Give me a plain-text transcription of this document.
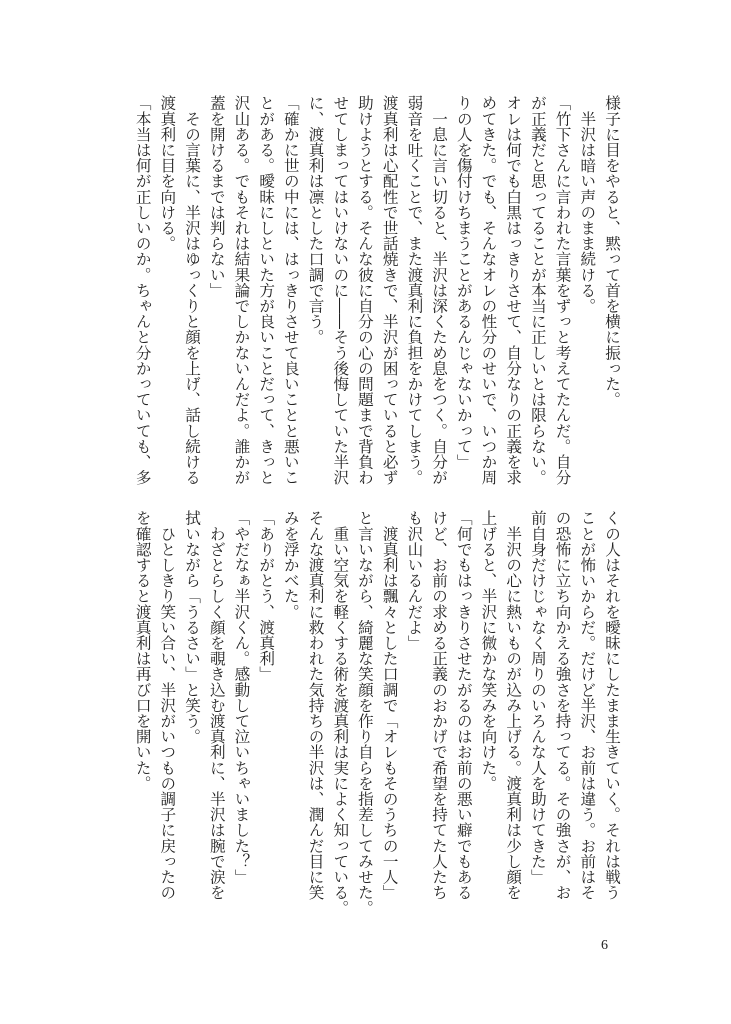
様子に目をやると、黙って首を横に振った。
　半沢は暗い声のまま続ける。
「竹下さんに言われた言葉をずっと考えてたんだ。自分
が正義だと思ってることが本当に正しいとは限らない。
オレは何でも白黒はっきりさせて、自分なりの正義を求
めてきた。でも、そんなオレの性分のせいで、いつか周
りの人を傷付けちまうことがあるんじゃないかって」
　一息に言い切ると、半沢は深くため息をつく。自分が
弱音を吐くことで、また渡真利に負担をかけてしまう。
渡真利は心配性で世話焼きで、半沢が困っていると必ず
助けようとする。そんな彼に自分の心の問題まで背負わ
せてしまってはいけないのに――そう後悔していた半沢
に、渡真利は凛とした口調で言う。
「確かに世の中には、はっきりさせて良いことと悪いこ
とがある。曖昧にしといた方が良いことだって、きっと
沢山ある。でもそれは結果論でしかないんだよ。誰かが
蓋を開けるまでは判らない」
　その言葉に、半沢はゆっくりと顔を上げ、話し続ける
渡真利に目を向ける。
「本当は何が正しいのか。ちゃんと分かっていても、多
くの人はそれを曖昧にしたまま生きていく。それは戦う
ことが怖いからだ。だけど半沢、お前は違う。お前はそ
の恐怖に立ち向かえる強さを持ってる。その強さが、お
前自身だけじゃなく周りのいろんな人を助けてきた」
　半沢の心に熱いものが込み上げる。渡真利は少し顔を
上げると、半沢に微かな笑みを向けた。
「何でもはっきりさせたがるのはお前の悪い癖でもある
けど、お前の求める正義のおかげで希望を持てた人たち
も沢山いるんだよ」
　渡真利は飄々とした口調で「オレもそのうちの一人」
と言いながら、綺麗な笑顔を作り自らを指差してみせた。
　重い空気を軽くする術を渡真利は実によく知っている。
そんな渡真利に救われた気持ちの半沢は、潤んだ目に笑
みを浮かべた。
「ありがとう、渡真利」
「やだなぁ半沢くん。感動して泣いちゃいました？」
　わざとらしく顔を覗き込む渡真利に、半沢は腕で涙を
拭いながら「うるさい」と笑う。
　ひとしきり笑い合い、半沢がいつもの調子に戻ったの
を確認すると渡真利は再び口を開いた。
6
